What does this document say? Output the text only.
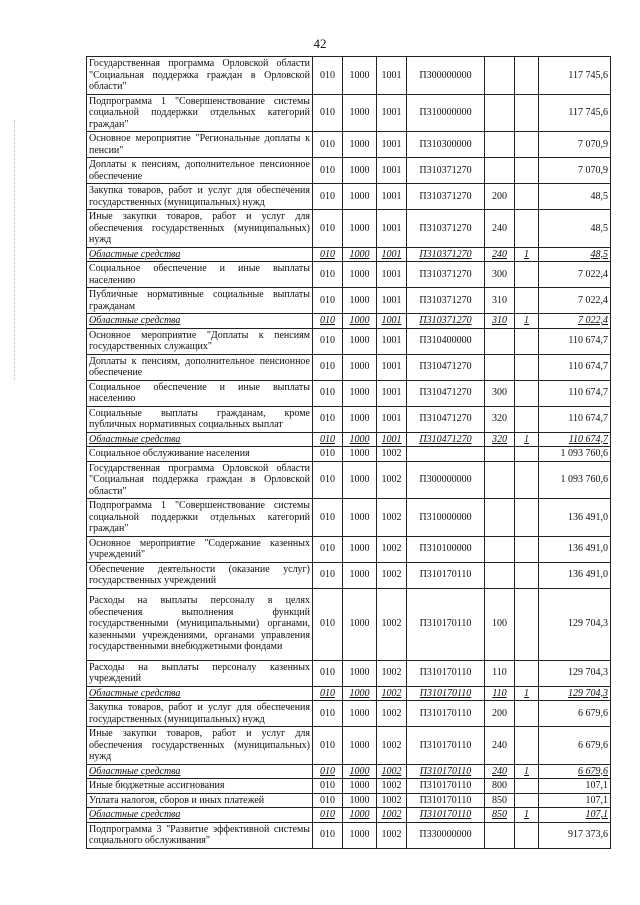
42
Государственная программа Орловской области "Социальная поддержка граждан в Орловской области"	010	1000	1001	П300000000			117 745,6
Подпрограмма 1 "Совершенствование системы социальной поддержки отдельных категорий граждан"	010	1000	1001	П310000000			117 745,6
Основное мероприятие "Региональные доплаты к пенсии"	010	1000	1001	П310300000			7 070,9
Доплаты к пенсиям, дополнительное пенсионное обеспечение	010	1000	1001	П310371270			7 070,9
Закупка товаров, работ и услуг для обеспечения государственных (муниципальных) нужд	010	1000	1001	П310371270	200		48,5
Иные закупки товаров, работ и услуг для обеспечения государственных (муниципальных) нужд	010	1000	1001	П310371270	240		48,5
Областные средства	010	1000	1001	П310371270	240	1	48,5
Социальное обеспечение и иные выплаты населению	010	1000	1001	П310371270	300		7 022,4
Публичные нормативные социальные выплаты гражданам	010	1000	1001	П310371270	310		7 022,4
Областные средства	010	1000	1001	П310371270	310	1	7 022,4
Основное мероприятие "Доплаты к пенсиям государственных служащих"	010	1000	1001	П310400000			110 674,7
Доплаты к пенсиям, дополнительное пенсионное обеспечение	010	1000	1001	П310471270			110 674,7
Социальное обеспечение и иные выплаты населению	010	1000	1001	П310471270	300		110 674,7
Социальные выплаты гражданам, кроме публичных нормативных социальных выплат	010	1000	1001	П310471270	320		110 674,7
Областные средства	010	1000	1001	П310471270	320	1	110 674,7
Социальное обслуживание населения	010	1000	1002				1 093 760,6
Государственная программа Орловской области "Социальная поддержка граждан в Орловской области"	010	1000	1002	П300000000			1 093 760,6
Подпрограмма 1 "Совершенствование системы социальной поддержки отдельных категорий граждан"	010	1000	1002	П310000000			136 491,0
Основное мероприятие "Содержание казенных учреждений"	010	1000	1002	П310100000			136 491,0
Обеспечение деятельности (оказание услуг) государственных учреждений	010	1000	1002	П310170110			136 491,0
Расходы на выплаты персоналу в целях обеспечения выполнения функций государственными (муниципальными) органами, казенными учреждениями, органами управления государственными внебюджетными фондами	010	1000	1002	П310170110	100		129 704,3
Расходы на выплаты персоналу казенных учреждений	010	1000	1002	П310170110	110		129 704,3
Областные средства	010	1000	1002	П310170110	110	1	129 704,3
Закупка товаров, работ и услуг для обеспечения государственных (муниципальных) нужд	010	1000	1002	П310170110	200		6 679,6
Иные закупки товаров, работ и услуг для обеспечения государственных (муниципальных) нужд	010	1000	1002	П310170110	240		6 679,6
Областные средства	010	1000	1002	П310170110	240	1	6 679,6
Иные бюджетные ассигнования	010	1000	1002	П310170110	800		107,1
Уплата налогов, сборов и иных платежей	010	1000	1002	П310170110	850		107,1
Областные средства	010	1000	1002	П310170110	850	1	107,1
Подпрограмма 3 "Развитие эффективной системы социального обслуживания"	010	1000	1002	П330000000			917 373,6
